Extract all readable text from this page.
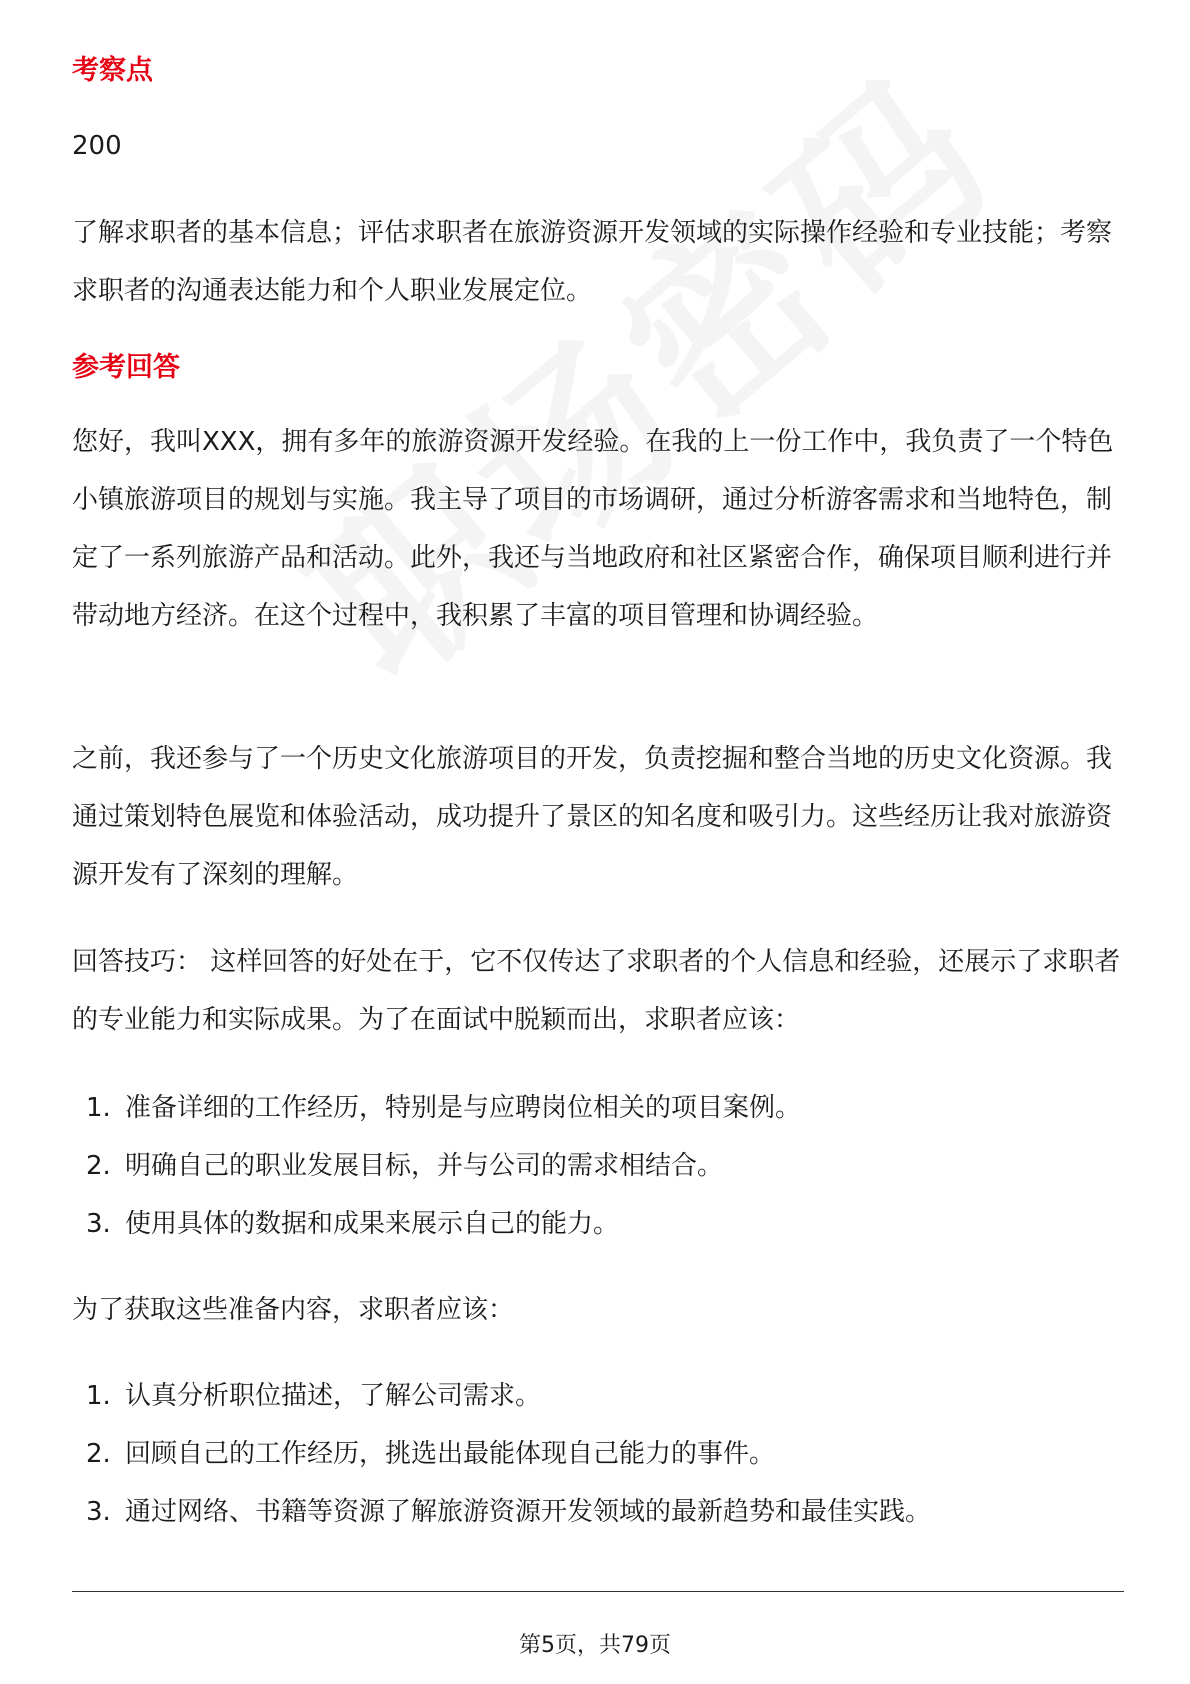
考察点

200

了解求职者的基本信息；评估求职者在旅游资源开发领域的实际操作经验和专业技能；考察求职者的沟通表达能力和个人职业发展定位。

参考回答

您好，我叫XXX，拥有多年的旅游资源开发经验。在我的上一份工作中，我负责了一个特色小镇旅游项目的规划与实施。我主导了项目的市场调研，通过分析游客需求和当地特色，制定了一系列旅游产品和活动。此外，我还与当地政府和社区紧密合作，确保项目顺利进行并带动地方经济。在这个过程中，我积累了丰富的项目管理和协调经验。

之前，我还参与了一个历史文化旅游项目的开发，负责挖掘和整合当地的历史文化资源。我通过策划特色展览和体验活动，成功提升了景区的知名度和吸引力。这些经历让我对旅游资源开发有了深刻的理解。

回答技巧： 这样回答的好处在于，它不仅传达了求职者的个人信息和经验，还展示了求职者的专业能力和实际成果。为了在面试中脱颖而出，求职者应该：

1. 准备详细的工作经历，特别是与应聘岗位相关的项目案例。
2. 明确自己的职业发展目标，并与公司的需求相结合。
3. 使用具体的数据和成果来展示自己的能力。

为了获取这些准备内容，求职者应该：

1. 认真分析职位描述，了解公司需求。
2. 回顾自己的工作经历，挑选出最能体现自己能力的事件。
3. 通过网络、书籍等资源了解旅游资源开发领域的最新趋势和最佳实践。
第5页，共79页
